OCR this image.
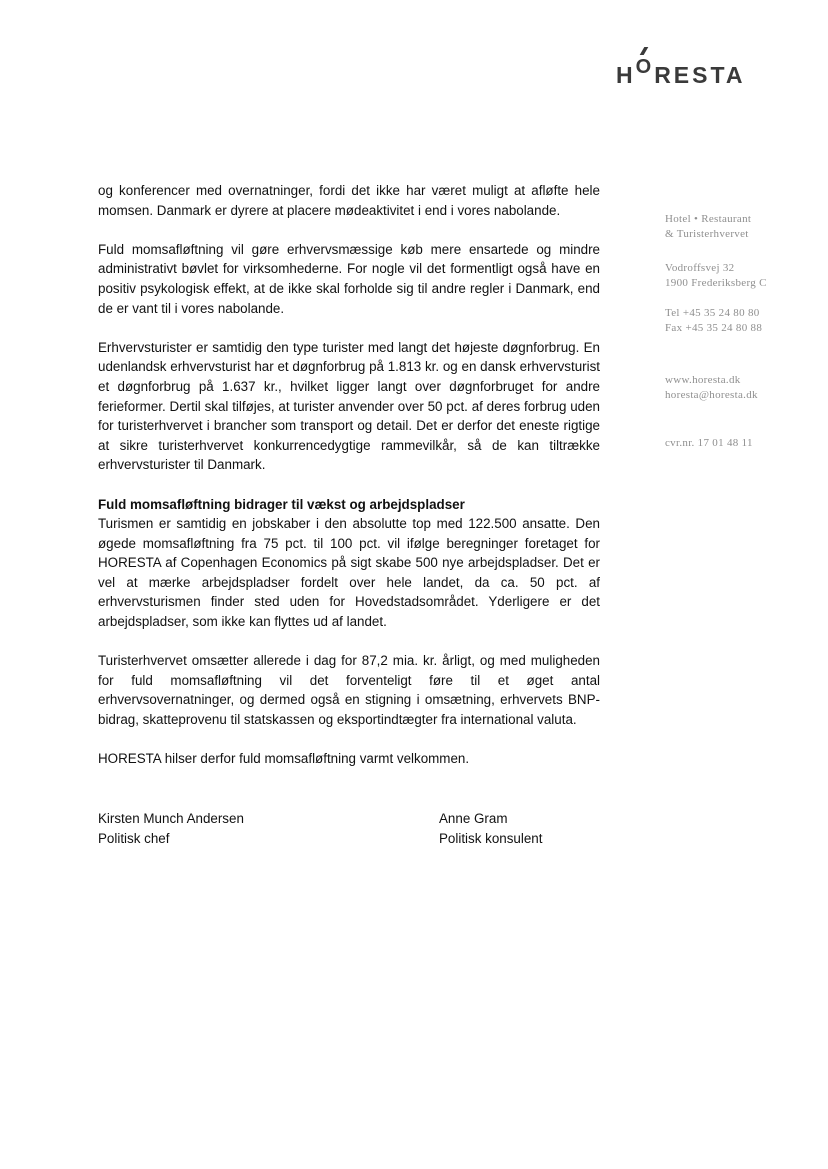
HORESTA
Hotel • Restaurant
& Turisterhvervet
Vodroffsvej 32
1900 Frederiksberg C
Tel +45 35 24 80 80
Fax +45 35 24 80 88
www.horesta.dk
horesta@horesta.dk
cvr.nr. 17 01 48 11

og konferencer med overnatninger, fordi det ikke har været muligt at afløfte hele momsen. Danmark er dyrere at placere mødeaktivitet i end i vores nabolande.

Fuld momsafløftning vil gøre erhvervsmæssige køb mere ensartede og mindre administrativt bøvlet for virksomhederne. For nogle vil det formentligt også have en positiv psykologisk effekt, at de ikke skal forholde sig til andre regler i Danmark, end de er vant til i vores nabolande.

Erhvervsturister er samtidig den type turister med langt det højeste døgnforbrug. En udenlandsk erhvervsturist har et døgnforbrug på 1.813 kr. og en dansk erhvervsturist et døgnforbrug på 1.637 kr., hvilket ligger langt over døgnforbruget for andre ferieformer. Dertil skal tilføjes, at turister anvender over 50 pct. af deres forbrug uden for turisterhvervet i brancher som transport og detail. Det er derfor det eneste rigtige at sikre turisterhvervet konkurrencedygtige rammevilkår, så de kan tiltrække erhvervsturister til Danmark.

Fuld momsafløftning bidrager til vækst og arbejdspladser

Turismen er samtidig en jobskaber i den absolutte top med 122.500 ansatte. Den øgede momsafløftning fra 75 pct. til 100 pct. vil ifølge beregninger foretaget for HORESTA af Copenhagen Economics på sigt skabe 500 nye arbejdspladser. Det er vel at mærke arbejdspladser fordelt over hele landet, da ca. 50 pct. af erhvervsturismen finder sted uden for Hovedstadsområdet. Yderligere er det arbejdspladser, som ikke kan flyttes ud af landet.

Turisterhvervet omsætter allerede i dag for 87,2 mia. kr. årligt, og med muligheden for fuld momsafløftning vil det forventeligt føre til et øget antal erhvervsovernatninger, og dermed også en stigning i omsætning, erhvervets BNP-bidrag, skatteprovenu til statskassen og eksportindtægter fra international valuta.

HORESTA hilser derfor fuld momsafløftning varmt velkommen.

Kirsten Munch Andersen
Politisk chef
Anne Gram
Politisk konsulent
